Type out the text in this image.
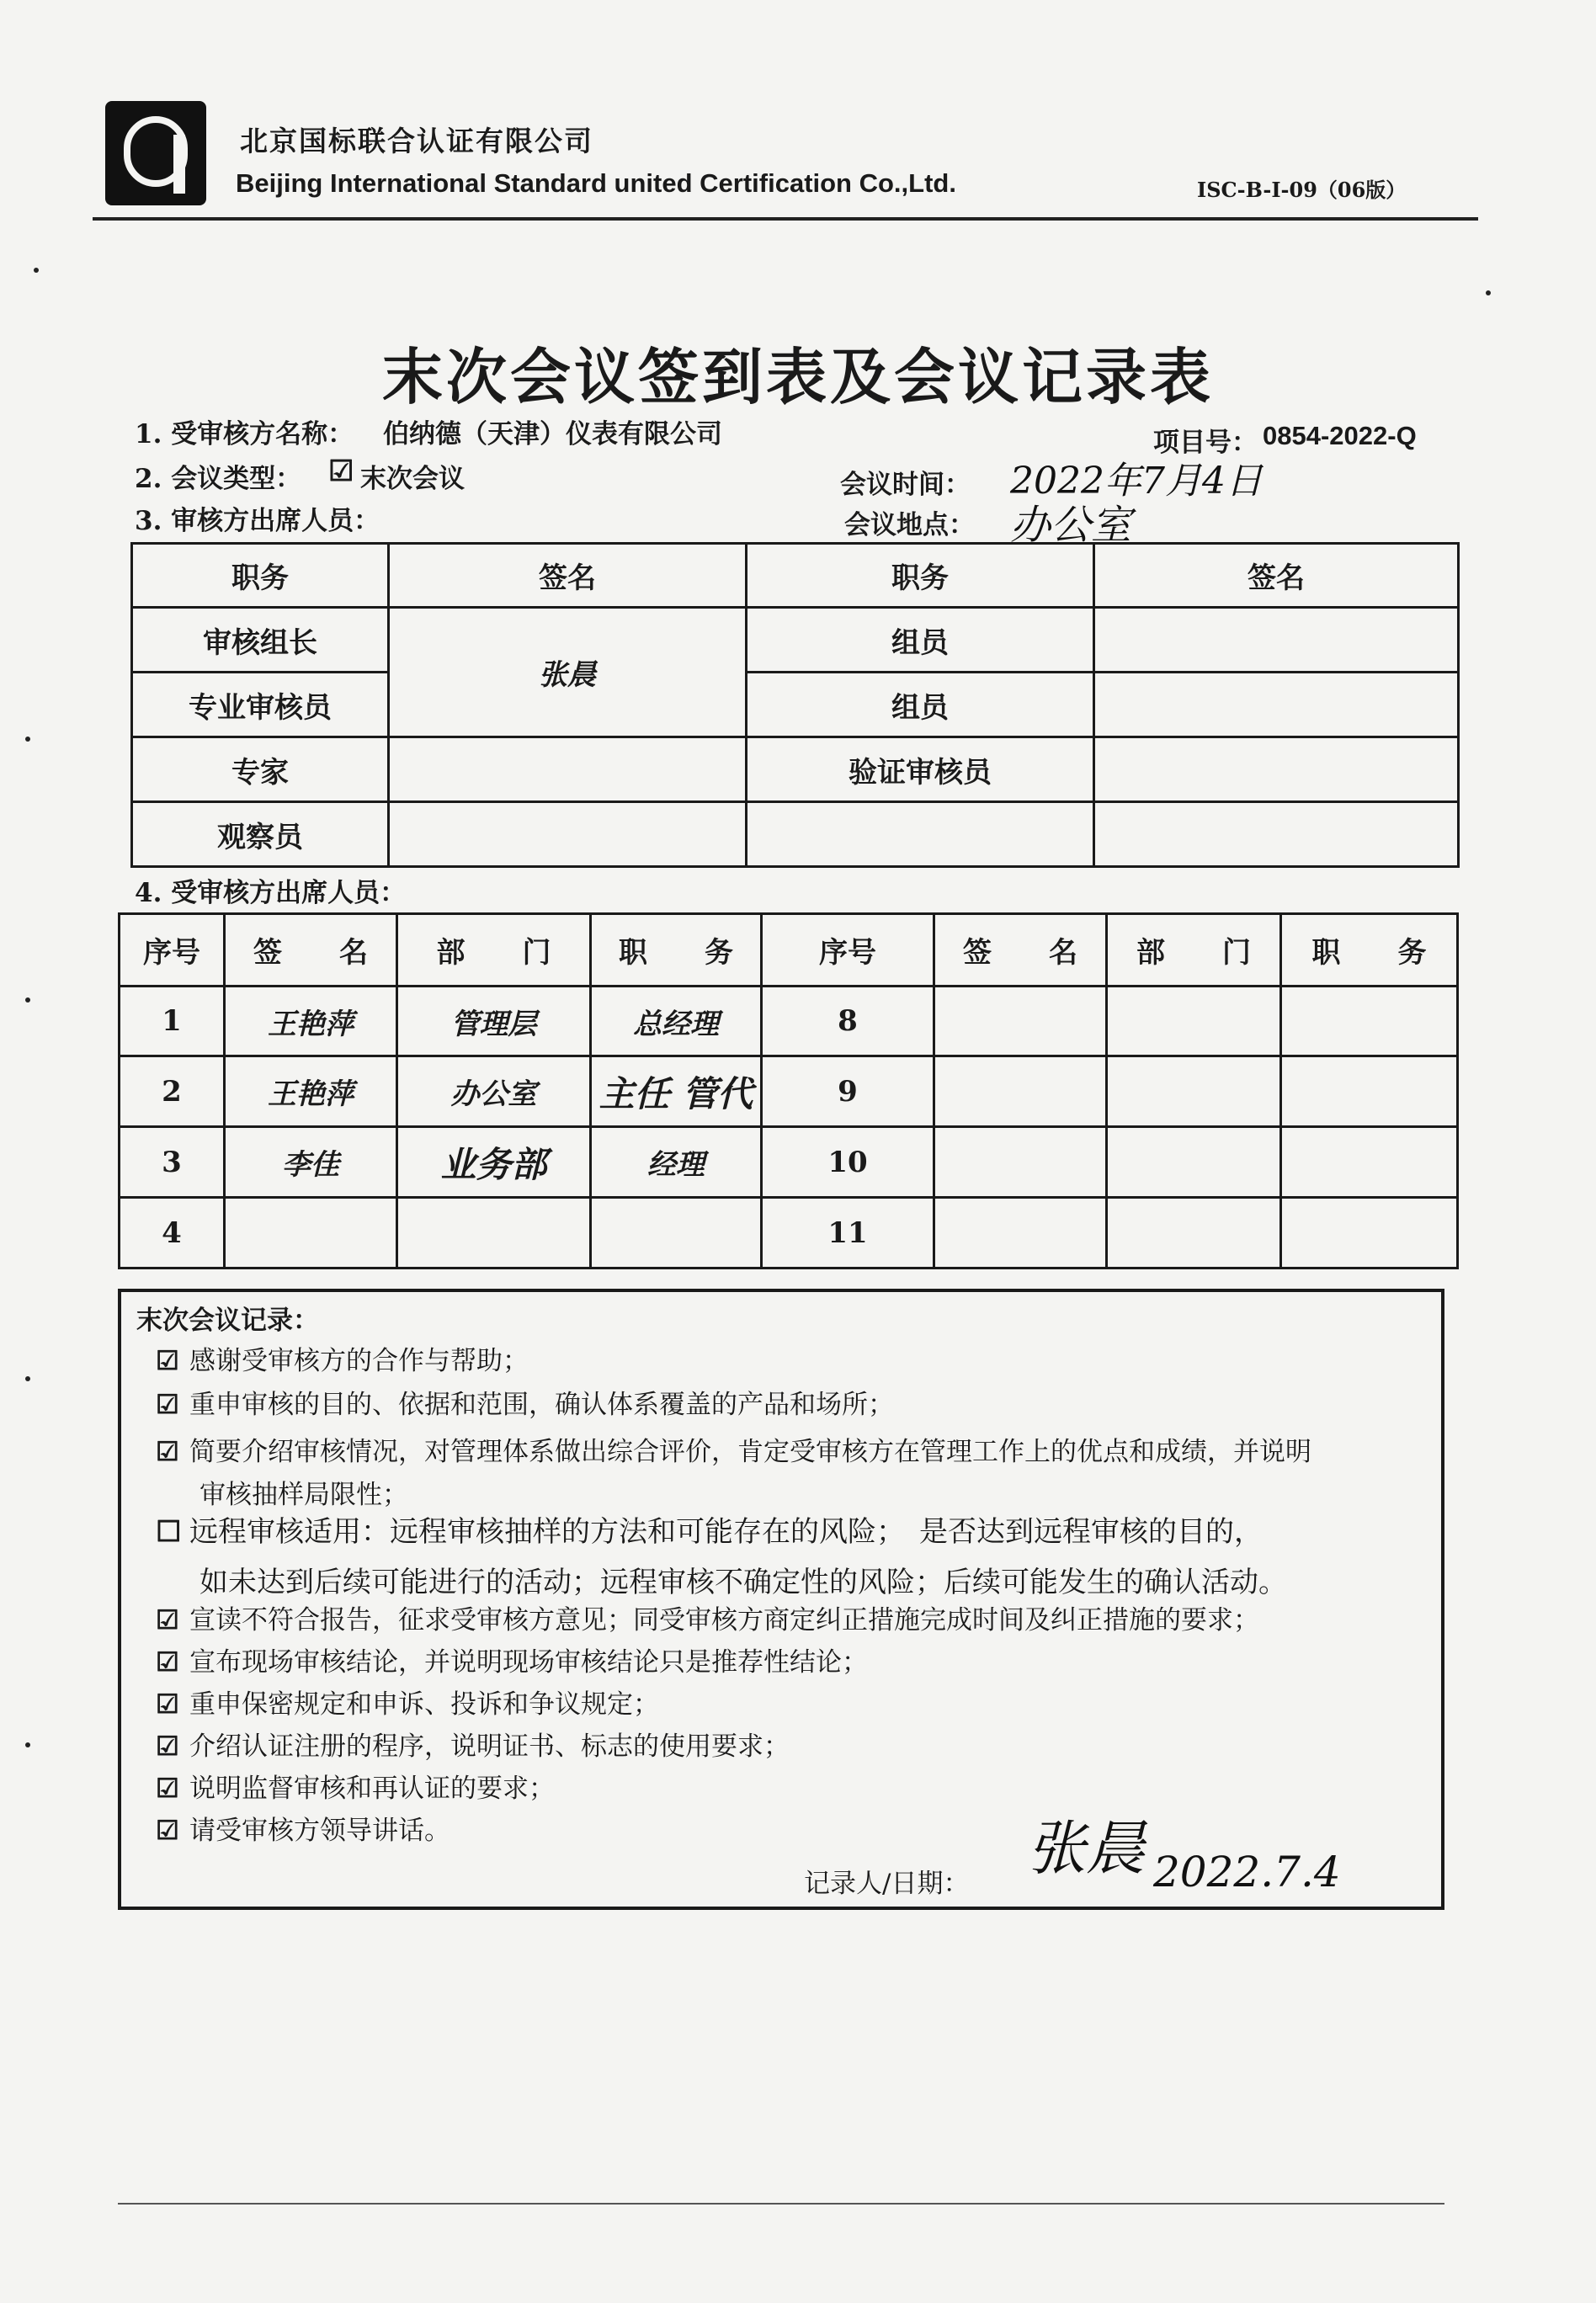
北京国标联合认证有限公司
Beijing International Standard united Certification Co.,Ltd.	ISC-B-I-09（06版）
末次会议签到表及会议记录表
1. 受审核方名称： 伯纳德（天津）仪表有限公司	项目号： 0854-2022-Q
2. 会议类型： ☑ 末次会议	会议时间： 2022年7月4日
3. 审核方出席人员：	会议地点： 办公室
职务	签名	职务	签名
审核组长	张晨	组员	
专业审核员		组员	
专家		验证审核员	
观察员			
4. 受审核方出席人员：
序号	签　　名	部　　门	职　　务	序号	签　　名	部　　门	职　　务
1	王艳萍	管理层	总经理	8			
2	王艳萍	办公室	主任 管代	9			
3	李佳	业务部	经理	10			
4				11			
末次会议记录：
☑ 感谢受审核方的合作与帮助；
☑ 重申审核的目的、依据和范围，确认体系覆盖的产品和场所；
☑ 简要介绍审核情况，对管理体系做出综合评价，肯定受审核方在管理工作上的优点和成绩，并说明
审核抽样局限性；
☐ 远程审核适用：远程审核抽样的方法和可能存在的风险；　是否达到远程审核的目的，
如未达到后续可能进行的活动；远程审核不确定性的风险；后续可能发生的确认活动。
☑ 宣读不符合报告，征求受审核方意见；同受审核方商定纠正措施完成时间及纠正措施的要求；
☑ 宣布现场审核结论，并说明现场审核结论只是推荐性结论；
☑ 重申保密规定和申诉、投诉和争议规定；
☑ 介绍认证注册的程序，说明证书、标志的使用要求；
☑ 说明监督审核和再认证的要求；
☑ 请受审核方领导讲话。
记录人/日期：
张晨 2022.7.4
